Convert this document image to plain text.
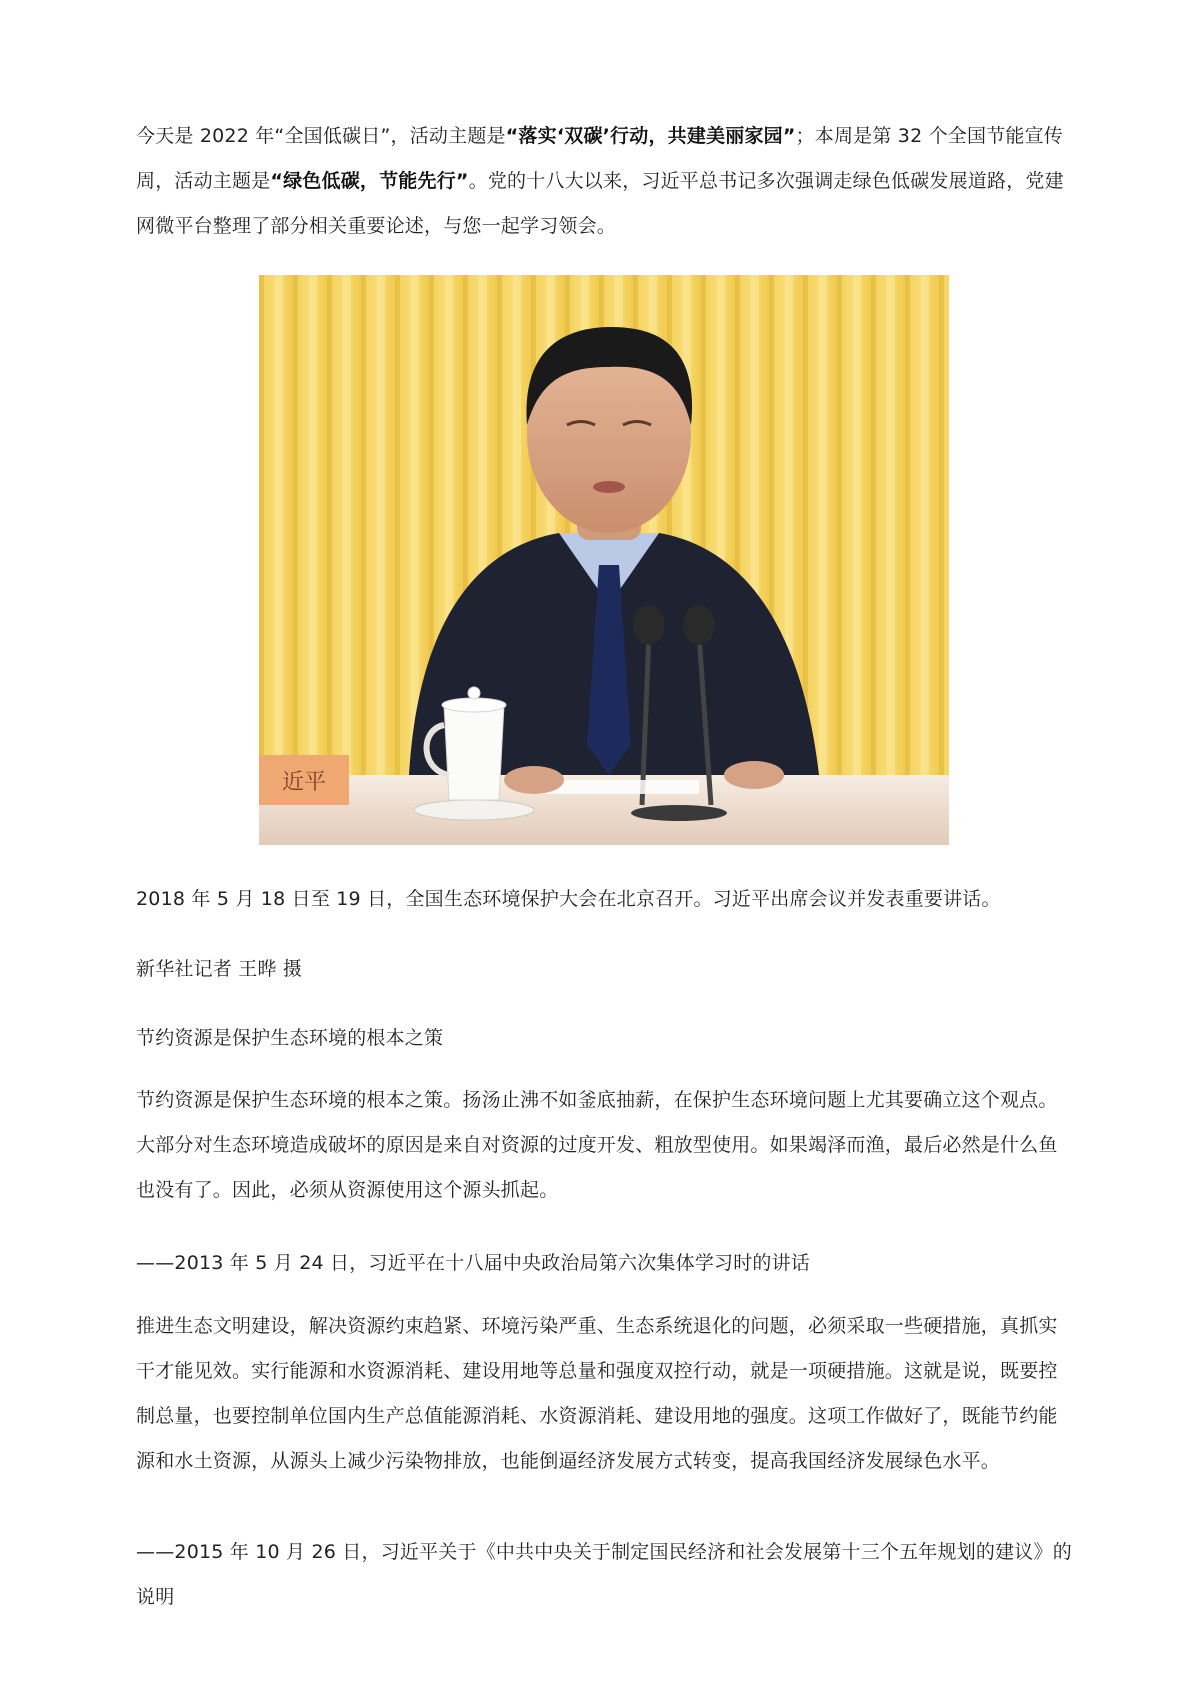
今天是 2022 年“全国低碳日”，活动主题是“落实‘双碳’行动，共建美丽家园”；本周是第 32 个全国节能宣传周，活动主题是“绿色低碳，节能先行”。党的十八大以来，习近平总书记多次强调走绿色低碳发展道路，党建网微平台整理了部分相关重要论述，与您一起学习领会。

近平

2018 年 5 月 18 日至 19 日，全国生态环境保护大会在北京召开。习近平出席会议并发表重要讲话。

新华社记者 王晔 摄

节约资源是保护生态环境的根本之策

节约资源是保护生态环境的根本之策。扬汤止沸不如釜底抽薪，在保护生态环境问题上尤其要确立这个观点。大部分对生态环境造成破坏的原因是来自对资源的过度开发、粗放型使用。如果竭泽而渔，最后必然是什么鱼也没有了。因此，必须从资源使用这个源头抓起。

——2013 年 5 月 24 日，习近平在十八届中央政治局第六次集体学习时的讲话

推进生态文明建设，解决资源约束趋紧、环境污染严重、生态系统退化的问题，必须采取一些硬措施，真抓实干才能见效。实行能源和水资源消耗、建设用地等总量和强度双控行动，就是一项硬措施。这就是说，既要控制总量，也要控制单位国内生产总值能源消耗、水资源消耗、建设用地的强度。这项工作做好了，既能节约能源和水土资源，从源头上减少污染物排放，也能倒逼经济发展方式转变，提高我国经济发展绿色水平。

——2015 年 10 月 26 日，习近平关于《中共中央关于制定国民经济和社会发展第十三个五年规划的建议》的说明
